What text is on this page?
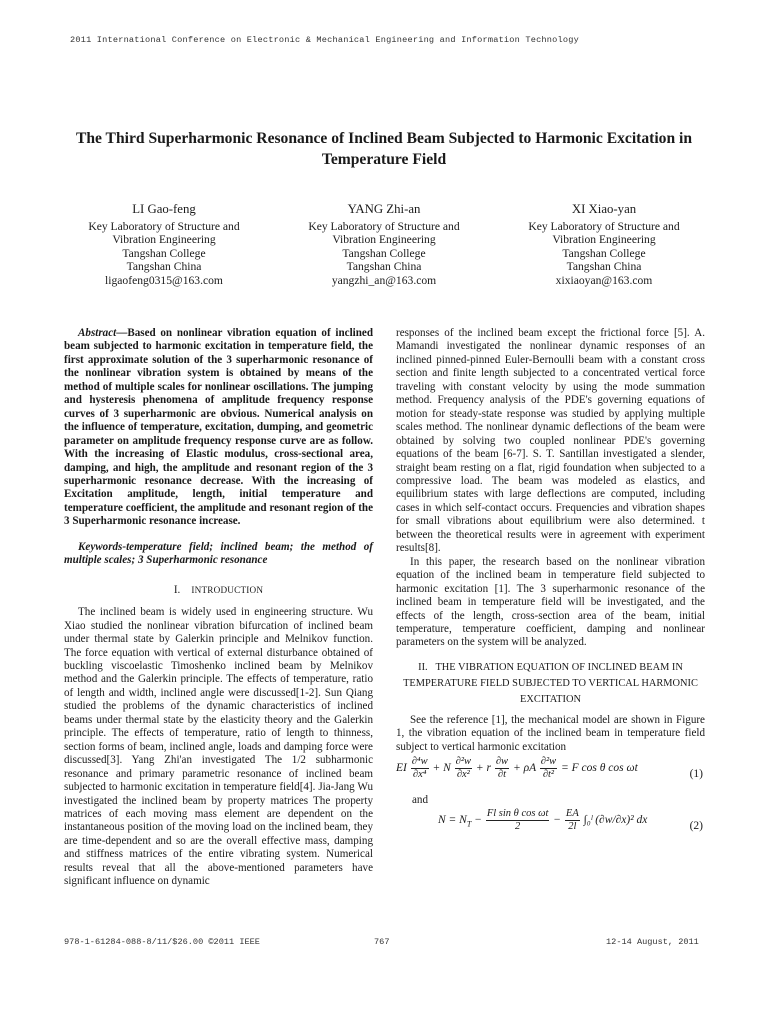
2011 International Conference on Electronic & Mechanical Engineering and Information Technology
The Third Superharmonic Resonance of Inclined Beam Subjected to Harmonic Excitation in Temperature Field
LI Gao-feng
Key Laboratory of Structure and
Vibration Engineering
Tangshan College
Tangshan China
ligaofeng0315@163.com
YANG Zhi-an
Key Laboratory of Structure and
Vibration Engineering
Tangshan College
Tangshan China
yangzhi_an@163.com
XI Xiao-yan
Key Laboratory of Structure and
Vibration Engineering
Tangshan College
Tangshan China
xixiaoyan@163.com

Abstract—Based on nonlinear vibration equation of inclined beam subjected to harmonic excitation in temperature field, the first approximate solution of the 3 superharmonic resonance of the nonlinear vibration system is obtained by means of the method of multiple scales for nonlinear oscillations. The jumping and hysteresis phenomena of amplitude frequency response curves of 3 superharmonic are obvious. Numerical analysis on the influence of temperature, excitation, dumping, and geometric parameter on amplitude frequency response curve are as follow. With the increasing of Elastic modulus, cross-sectional area, damping, and high, the amplitude and resonant region of the 3 superharmonic resonance decrease. With the increasing of Excitation amplitude, length, initial temperature and temperature coefficient, the amplitude and resonant region of the 3 Superharmonic resonance increase.

Keywords-temperature field; inclined beam; the method of multiple scales; 3 Superharmonic resonance

I. INTRODUCTION

The inclined beam is widely used in engineering structure. Wu Xiao studied the nonlinear vibration bifurcation of inclined beam under thermal state by Galerkin principle and Melnikov function. The force equation with vertical of external disturbance obtained of buckling viscoelastic Timoshenko inclined beam by Melnikov method and the Galerkin principle. The effects of temperature, ratio of length and width, inclined angle were discussed[1-2]. Sun Qiang studied the problems of the dynamic characteristics of inclined beams under thermal state by the elasticity theory and the Galerkin principle. The effects of temperature, ratio of length to thinness, section forms of beam, inclined angle, loads and damping force were discussed[3]. Yang Zhi'an investigated The 1/2 subharmonic resonance and primary parametric resonance of inclined beam subjected to harmonic excitation in temperature field[4]. Jia-Jang Wu investigated the inclined beam by property matrices The property matrices of each moving mass element are dependent on the instantaneous position of the moving load on the inclined beam, they are time-dependent and so are the overall effective mass, damping and stiffness matrices of the entire vibrating system. Numerical results reveal that all the above-mentioned parameters have significant influence on dynamic

responses of the inclined beam except the frictional force [5]. A. Mamandi investigated the nonlinear dynamic responses of an inclined pinned-pinned Euler-Bernoulli beam with a constant cross section and finite length subjected to a concentrated vertical force traveling with constant velocity by using the mode summation method. Frequency analysis of the PDE's governing equations of motion for steady-state response was studied by applying multiple scales method. The nonlinear dynamic deflections of the beam were obtained by solving two coupled nonlinear PDE's governing equations of the beam [6-7]. S. T. Santillan investigated a slender, straight beam resting on a flat, rigid foundation when subjected to a compressive load. The beam was modeled as elastics, and equilibrium states with large deflections are computed, including cases in which self-contact occurs. Frequencies and vibration shapes for small vibrations about equilibrium were also determined. t between the theoretical results were in agreement with experiment results[8].

In this paper, the research based on the nonlinear vibration equation of the inclined beam in temperature field subjected to harmonic excitation [1]. The 3 superharmonic resonance of the inclined beam in temperature field will be investigated, and the effects of the length, cross-section area of the beam, initial temperature, temperature coefficient, damping and nonlinear parameters on the system will be analyzed.

II. THE VIBRATION EQUATION OF INCLINED BEAM IN TEMPERATURE FIELD SUBJECTED TO VERTICAL HARMONIC EXCITATION

See the reference [1], the mechanical model are shown in Figure 1, the vibration equation of the inclined beam in temperature field subject to vertical harmonic excitation

EI $\frac{\text{∂⁴w}}{\text{∂x⁴}} + N \frac{\text{∂²w}}{\text{∂x²}} + r \frac{\partial w}{\partial t} + \rho A \frac{\text{∂²w}}{\text{∂t²}} = F$ cos θ cos ωt	(1)

and

$N = N_T - \frac{\text{Fl sin θ cos ωt}}{2} - \frac{EA}{2l}$ ∫₀ˡ (∂w/∂x)² dx	(2)
978-1-61284-088-8/11/$26.00 ©2011 IEEE	767	12-14 August, 2011
